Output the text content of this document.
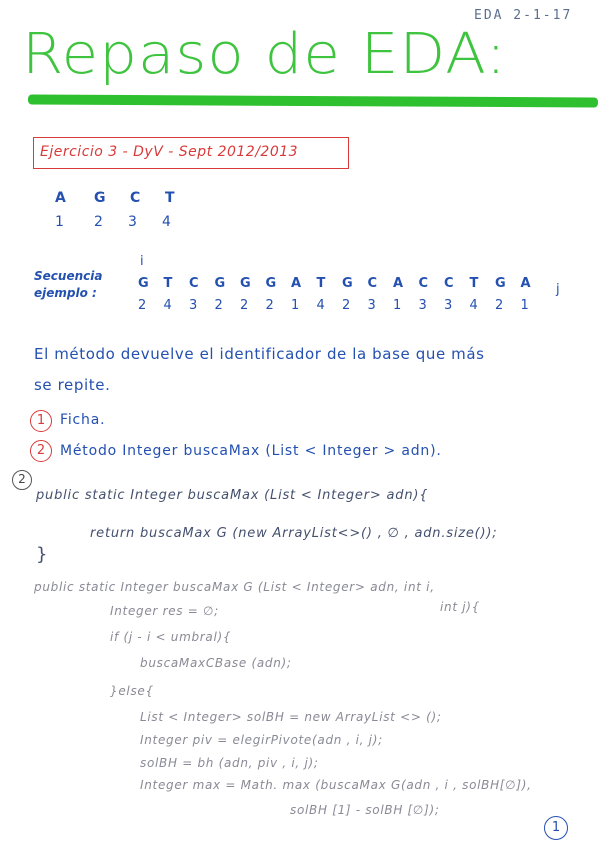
EDA 2-1-17
Repaso de EDA:
Ejercicio 3 - DyV - Sept 2012/2013
A G C T
1 2 3 4
Secuencia
ejemplo :
i
j
G T C G G G A T G C A C C T G A
2 4 3 2 2 2 1 4 2 3 1 3 3 4 2 1
El método devuelve el identificador de la base que más
se repite.
1	Ficha.
2	Método Integer buscaMax (List < Integer > adn).
2
public static Integer buscaMax (List < Integer> adn){
return buscaMax G (new ArrayList<>() , ∅ , adn.size());
}
public static Integer buscaMax G (List < Integer> adn, int i,
int j){
Integer res = ∅;
if (j - i < umbral){
buscaMaxCBase (adn);
}else{
List < Integer> solBH = new ArrayList <> ();
Integer piv = elegirPivote(adn , i, j);
solBH = bh (adn, piv , i, j);
Integer max = Math. max (buscaMax G(adn , i , solBH[∅]),
solBH [1] - solBH [∅]);
1
